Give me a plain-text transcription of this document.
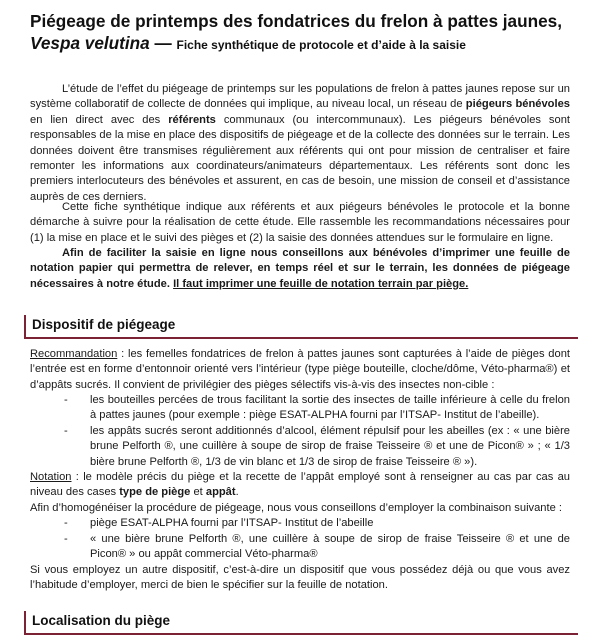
Piégeage de printemps des fondatrices du frelon à pattes jaunes, Vespa velutina — Fiche synthétique de protocole et d’aide à la saisie

L’étude de l’effet du piégeage de printemps sur les populations de frelon à pattes jaunes repose sur un système collaboratif de collecte de données qui implique, au niveau local, un réseau de piégeurs bénévoles en lien direct avec des référents communaux (ou intercommunaux). Les piégeurs bénévoles sont responsables de la mise en place des dispositifs de piégeage et de la collecte des données sur le terrain. Les données doivent être transmises régulièrement aux référents qui ont pour mission de centraliser et faire remonter les informations aux coordinateurs/animateurs départementaux. Les référents sont donc les premiers interlocuteurs des bénévoles et assurent, en cas de besoin, une mission de conseil et d’assistance auprès de ces derniers.

Cette fiche synthétique indique aux référents et aux piégeurs bénévoles le protocole et la bonne démarche à suivre pour la réalisation de cette étude. Elle rassemble les recommandations nécessaires pour (1) la mise en place et le suivi des pièges et (2) la saisie des données attendues sur le formulaire en ligne.

Afin de faciliter la saisie en ligne nous conseillons aux bénévoles d’imprimer une feuille de notation papier qui permettra de relever, en temps réel et sur le terrain, les données de piégeage nécessaires à notre étude. Il faut imprimer une feuille de notation terrain par piège.

Dispositif de piégeage

Recommandation : les femelles fondatrices de frelon à pattes jaunes sont capturées à l’aide de pièges dont l’entrée est en forme d’entonnoir orienté vers l’intérieur (type piège bouteille, cloche/dôme, Véto-pharma®) et d’appâts sucrés. Il convient de privilégier des pièges sélectifs vis-à-vis des insectes non-cible :

- les bouteilles percées de trous facilitant la sortie des insectes de taille inférieure à celle du frelon à pattes jaunes (pour exemple : piège ESAT-ALPHA fourni par l’ITSAP- Institut de l’abeille).
- les appâts sucrés seront additionnés d’alcool, élément répulsif pour les abeilles (ex : « une bière brune Pelforth ®, une cuillère à soupe de sirop de fraise Teisseire ® et une de Picon® » ; « 1/3 bière brune Pelforth ®, 1/3 de vin blanc et 1/3 de sirop de fraise Teisseire ® »).

Notation : le modèle précis du piège et la recette de l’appât employé sont à renseigner au cas par cas au niveau des cases type de piège et appât.

Afin d’homogénéiser la procédure de piégeage, nous vous conseillons d’employer la combinaison suivante :

- piège ESAT-ALPHA fourni par l’ITSAP- Institut de l’abeille
- « une bière brune Pelforth ®, une cuillère à soupe de sirop de fraise Teisseire ® et une de Picon® » ou appât commercial Véto-pharma®

Si vous employez un autre dispositif, c’est-à-dire un dispositif que vous possédez déjà ou que vous avez l’habitude d’employer, merci de bien le spécifier sur la feuille de notation.

Localisation du piège
